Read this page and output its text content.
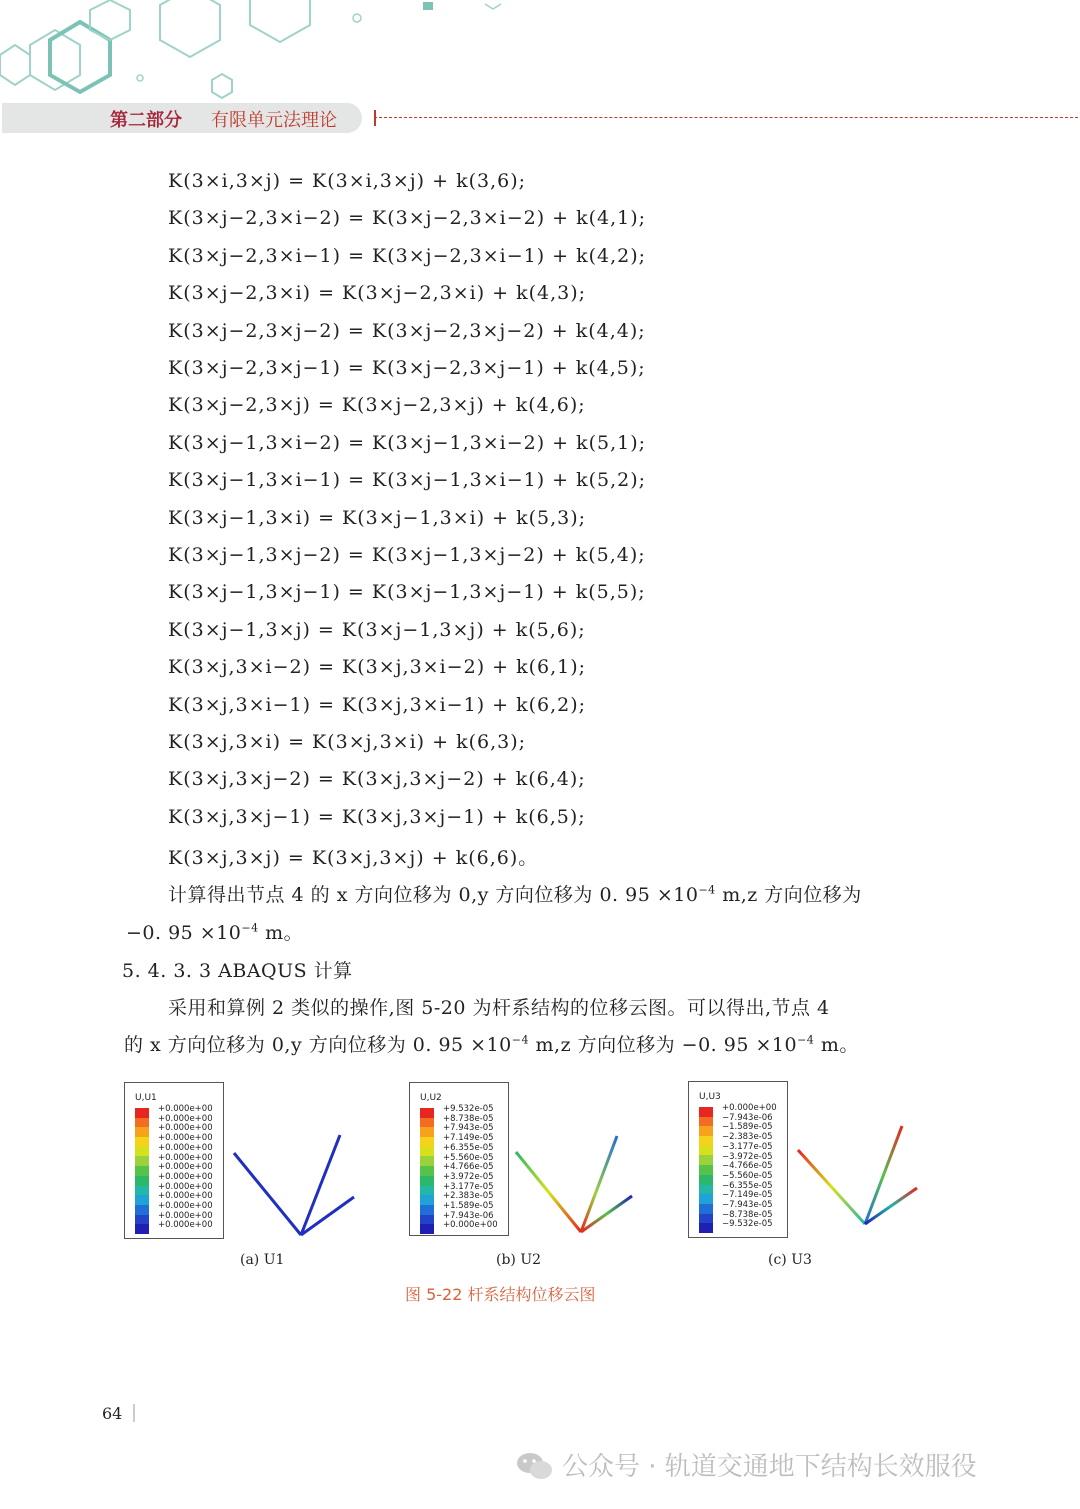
第二部分 有限单元法理论
K(3×i,3×j) = K(3×i,3×j) + k(3,6);
K(3×j−2,3×i−2) = K(3×j−2,3×i−2) + k(4,1);
K(3×j−2,3×i−1) = K(3×j−2,3×i−1) + k(4,2);
K(3×j−2,3×i) = K(3×j−2,3×i) + k(4,3);
K(3×j−2,3×j−2) = K(3×j−2,3×j−2) + k(4,4);
K(3×j−2,3×j−1) = K(3×j−2,3×j−1) + k(4,5);
K(3×j−2,3×j) = K(3×j−2,3×j) + k(4,6);
K(3×j−1,3×i−2) = K(3×j−1,3×i−2) + k(5,1);
K(3×j−1,3×i−1) = K(3×j−1,3×i−1) + k(5,2);
K(3×j−1,3×i) = K(3×j−1,3×i) + k(5,3);
K(3×j−1,3×j−2) = K(3×j−1,3×j−2) + k(5,4);
K(3×j−1,3×j−1) = K(3×j−1,3×j−1) + k(5,5);
K(3×j−1,3×j) = K(3×j−1,3×j) + k(5,6);
K(3×j,3×i−2) = K(3×j,3×i−2) + k(6,1);
K(3×j,3×i−1) = K(3×j,3×i−1) + k(6,2);
K(3×j,3×i) = K(3×j,3×i) + k(6,3);
K(3×j,3×j−2) = K(3×j,3×j−2) + k(6,4);
K(3×j,3×j−1) = K(3×j,3×j−1) + k(6,5);
K(3×j,3×j) = K(3×j,3×j) + k(6,6)。
计算得出节点 4 的 x 方向位移为 0,y 方向位移为 0. $95 \times 10^{-4}$ m,z 方向位移为
−0. $95 \times 10^{-4}$ m。
5. 4. 3. 3 ABAQUS 计算
采用和算例 2 类似的操作,图 5-20 为杆系结构的位移云图。可以得出,节点 4
的 x 方向位移为 0,y 方向位移为 0. $95 \times 10^{-4}$ m,z 方向位移为 −0. $95 \times 10^{-4}$ m。
U,U1
+0.000e+00
+0.000e+00
+0.000e+00
+0.000e+00
+0.000e+00
+0.000e+00
+0.000e+00
+0.000e+00
+0.000e+00
+0.000e+00
+0.000e+00
+0.000e+00
+0.000e+00
(a) U1
U,U2
+9.532e-05
+8.738e-05
+7.943e-05
+7.149e-05
+6.355e-05
+5.560e-05
+4.766e-05
+3.972e-05
+3.177e-05
+2.383e-05
+1.589e-05
+7.943e-06
+0.000e+00
(b) U2
U,U3
+0.000e+00
−7.943e-06
−1.589e-05
−2.383e-05
−3.177e-05
−3.972e-05
−4.766e-05
−5.560e-05
−6.355e-05
−7.149e-05
−7.943e-05
−8.738e-05
−9.532e-05
(c) U3
图 5-22 杆系结构位移云图
64
公众号 · 轨道交通地下结构长效服役
